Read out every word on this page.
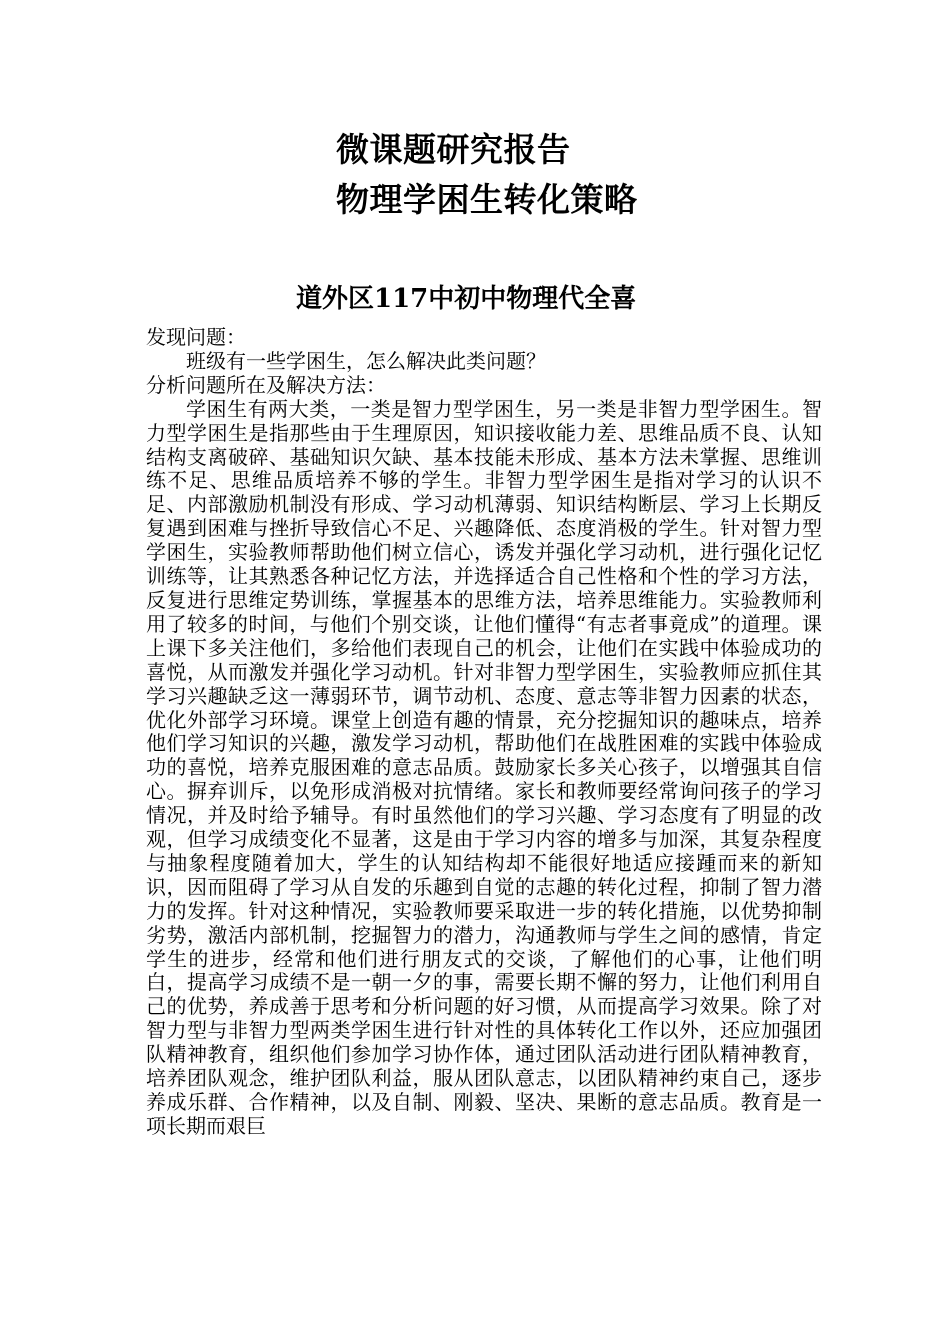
微课题研究报告
物理学困生转化策略
道外区117中初中物理代全喜

发现问题：

班级有一些学困生，怎么解决此类问题？

分析问题所在及解决方法：

学困生有两大类，一类是智力型学困生，另一类是非智力型学困生。智力型学困生是指那些由于生理原因，知识接收能力差、思维品质不良、认知结构支离破碎、基础知识欠缺、基本技能未形成、基本方法未掌握、思维训练不足、思维品质培养不够的学生。非智力型学困生是指对学习的认识不足、内部激励机制没有形成、学习动机薄弱、知识结构断层、学习上长期反复遇到困难与挫折导致信心不足、兴趣降低、态度消极的学生。针对智力型学困生，实验教师帮助他们树立信心，诱发并强化学习动机，进行强化记忆训练等，让其熟悉各种记忆方法，并选择适合自己性格和个性的学习方法，反复进行思维定势训练，掌握基本的思维方法，培养思维能力。实验教师利用了较多的时间，与他们个别交谈，让他们懂得“有志者事竟成”的道理。课上课下多关注他们，多给他们表现自己的机会，让他们在实践中体验成功的喜悦，从而激发并强化学习动机。针对非智力型学困生，实验教师应抓住其学习兴趣缺乏这一薄弱环节，调节动机、态度、意志等非智力因素的状态，优化外部学习环境。课堂上创造有趣的情景，充分挖掘知识的趣味点，培养他们学习知识的兴趣，激发学习动机，帮助他们在战胜困难的实践中体验成功的喜悦，培养克服困难的意志品质。鼓励家长多关心孩子，以增强其自信心。摒弃训斥，以免形成消极对抗情绪。家长和教师要经常询问孩子的学习情况，并及时给予辅导。有时虽然他们的学习兴趣、学习态度有了明显的改观，但学习成绩变化不显著，这是由于学习内容的增多与加深，其复杂程度与抽象程度随着加大，学生的认知结构却不能很好地适应接踵而来的新知识，因而阻碍了学习从自发的乐趣到自觉的志趣的转化过程，抑制了智力潜力的发挥。针对这种情况，实验教师要采取进一步的转化措施，以优势抑制劣势，激活内部机制，挖掘智力的潜力，沟通教师与学生之间的感情，肯定学生的进步，经常和他们进行朋友式的交谈，了解他们的心事，让他们明白，提高学习成绩不是一朝一夕的事，需要长期不懈的努力，让他们利用自己的优势，养成善于思考和分析问题的好习惯，从而提高学习效果。除了对智力型与非智力型两类学困生进行针对性的具体转化工作以外，还应加强团队精神教育，组织他们参加学习协作体，通过团队活动进行团队精神教育，培养团队观念，维护团队利益，服从团队意志，以团队精神约束自己，逐步养成乐群、合作精神，以及自制、刚毅、坚决、果断的意志品质。教育是一项长期而艰巨
